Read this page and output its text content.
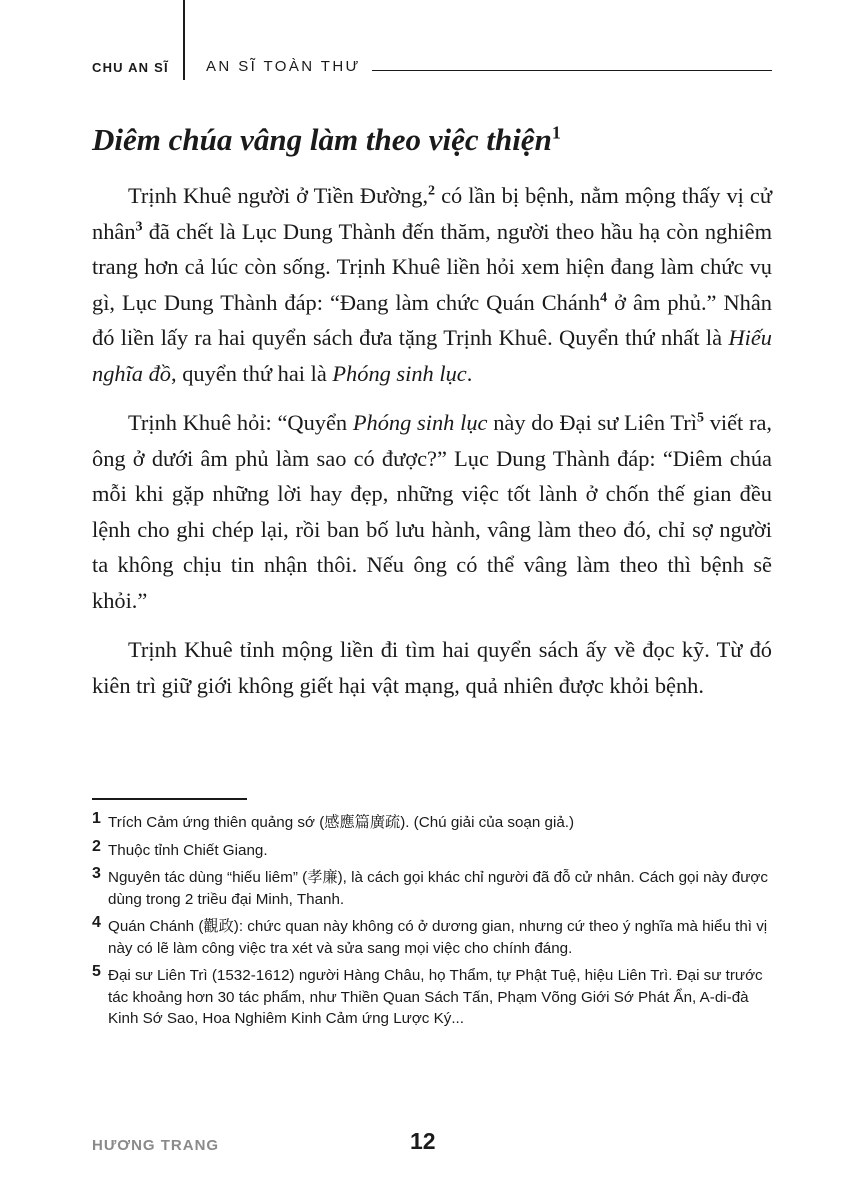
CHU AN SĨ AN SĨ TOÀN THƯ
Diêm chúa vâng làm theo việc thiện$^1$

Trịnh Khuê người ở Tiền Đường,$^2$ có lần bị bệnh, nằm mộng thấy vị cử nhân$^3$ đã chết là Lục Dung Thành đến thăm, người theo hầu hạ còn nghiêm trang hơn cả lúc còn sống. Trịnh Khuê liền hỏi xem hiện đang làm chức vụ gì, Lục Dung Thành đáp: “Đang làm chức Quán Chánh$^4$ ở âm phủ.” Nhân đó liền lấy ra hai quyển sách đưa tặng Trịnh Khuê. Quyển thứ nhất là Hiếu nghĩa đồ, quyển thứ hai là Phóng sinh lục.

Trịnh Khuê hỏi: “Quyển Phóng sinh lục này do Đại sư Liên Trì$^5$ viết ra, ông ở dưới âm phủ làm sao có được?” Lục Dung Thành đáp: “Diêm chúa mỗi khi gặp những lời hay đẹp, những việc tốt lành ở chốn thế gian đều lệnh cho ghi chép lại, rồi ban bố lưu hành, vâng làm theo đó, chỉ sợ người ta không chịu tin nhận thôi. Nếu ông có thể vâng làm theo thì bệnh sẽ khỏi.”

Trịnh Khuê tỉnh mộng liền đi tìm hai quyển sách ấy về đọc kỹ. Từ đó kiên trì giữ giới không giết hại vật mạng, quả nhiên được khỏi bệnh.

1 Trích Cảm ứng thiên quảng sớ (感應篇廣疏). (Chú giải của soạn giả.)
2 Thuộc tỉnh Chiết Giang.
3 Nguyên tác dùng “hiếu liêm” (孝廉), là cách gọi khác chỉ người đã đỗ cử nhân. Cách gọi này được dùng trong 2 triều đại Minh, Thanh.
4 Quán Chánh (觀政): chức quan này không có ở dương gian, nhưng cứ theo ý nghĩa mà hiểu thì vị này có lẽ làm công việc tra xét và sửa sang mọi việc cho chính đáng.
5 Đại sư Liên Trì (1532-1612) người Hàng Châu, họ Thẩm, tự Phật Tuệ, hiệu Liên Trì. Đại sư trước tác khoảng hơn 30 tác phẩm, như Thiền Quan Sách Tấn, Phạm Võng Giới Sớ Phát Ẩn, A-di-đà Kinh Sớ Sao, Hoa Nghiêm Kinh Cảm ứng Lược Ký...
HƯƠNG TRANG	12
